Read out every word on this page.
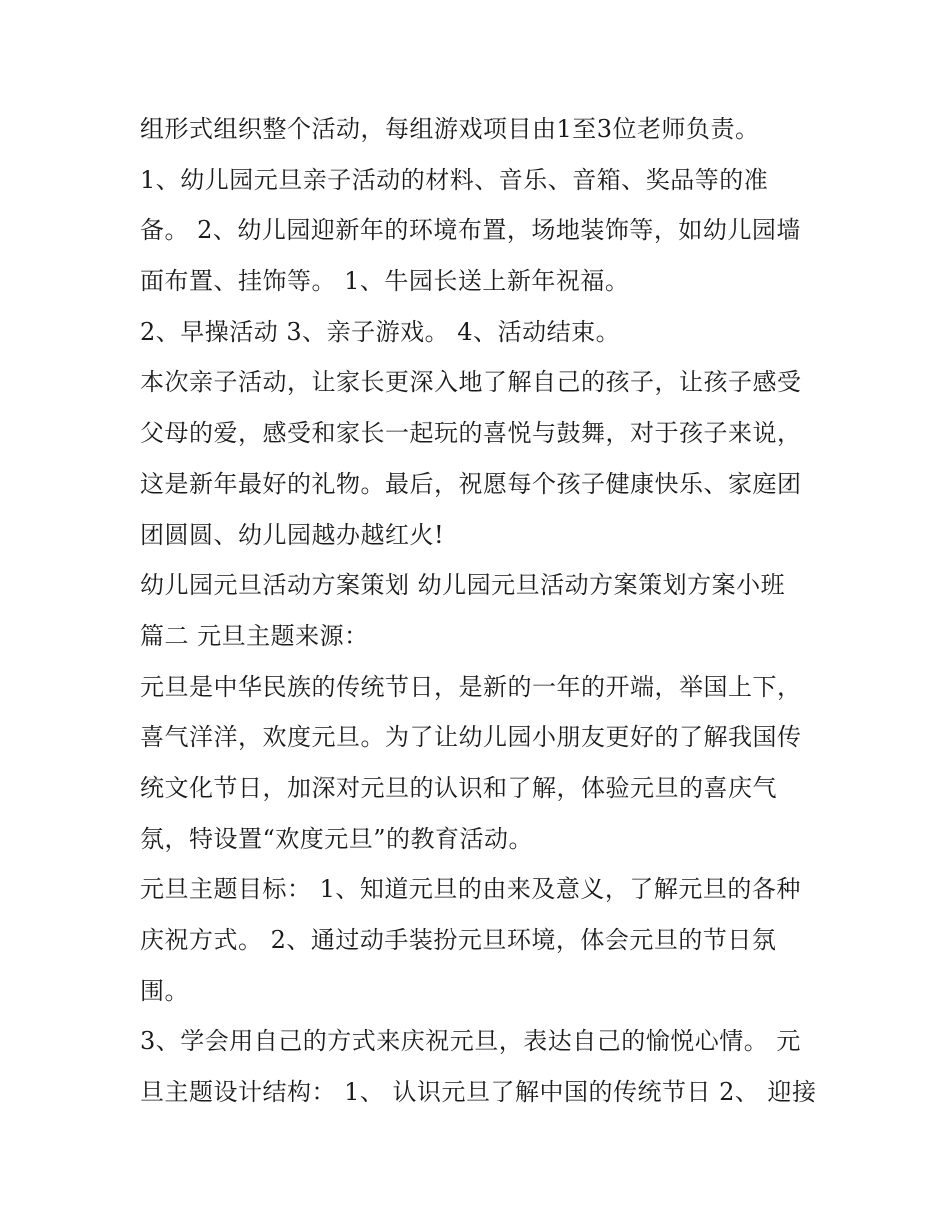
组形式组织整个活动，每组游戏项目由1至3位老师负责。
1、幼儿园元旦亲子活动的材料、音乐、音箱、奖品等的准
备。 2、幼儿园迎新年的环境布置，场地装饰等，如幼儿园墙
面布置、挂饰等。 1、牛园长送上新年祝福。
2、早操活动 3、亲子游戏。 4、活动结束。
本次亲子活动，让家长更深入地了解自己的孩子，让孩子感受
父母的爱，感受和家长一起玩的喜悦与鼓舞，对于孩子来说，
这是新年最好的礼物。最后，祝愿每个孩子健康快乐、家庭团
团圆圆、幼儿园越办越红火!
幼儿园元旦活动方案策划 幼儿园元旦活动方案策划方案小班
篇二 元旦主题来源：
元旦是中华民族的传统节日，是新的一年的开端，举国上下，
喜气洋洋，欢度元旦。为了让幼儿园小朋友更好的了解我国传
统文化节日，加深对元旦的认识和了解，体验元旦的喜庆气
氛，特设置“欢度元旦”的教育活动。
元旦主题目标： 1、知道元旦的由来及意义，了解元旦的各种
庆祝方式。 2、通过动手装扮元旦环境，体会元旦的节日氛
围。
3、学会用自己的方式来庆祝元旦，表达自己的愉悦心情。 元
旦主题设计结构： 1、 认识元旦了解中国的传统节日 2、 迎接
